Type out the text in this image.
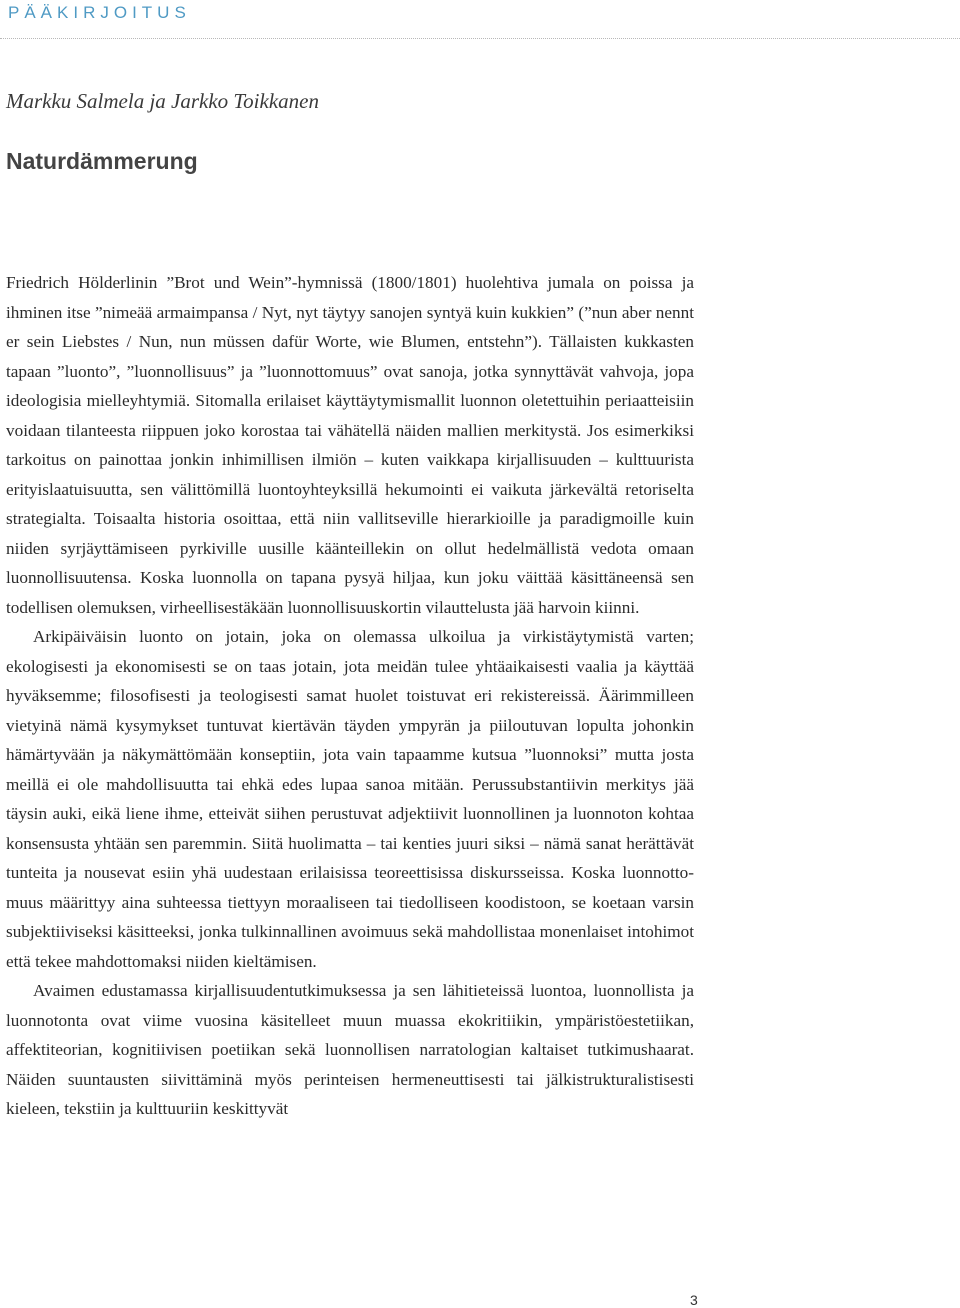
PÄÄKIRJOITUS
Markku Salmela ja Jarkko Toikkanen
Naturdämmerung

Friedrich Hölderlinin ”Brot und Wein”-hymnissä (1800/1801) huolehtiva jumala on poissa ja ihminen itse ”nimeää armaimpansa / Nyt, nyt täytyy sanojen syntyä kuin kukkien” (”nun aber nennt er sein Liebstes / Nun, nun müssen dafür Worte, wie Blumen, entstehn”). Tällaisten kukkasten tapaan ”luonto”, ”luonnollisuus” ja ”luonnottomuus” ovat sanoja, jotka synnyttävät vahvoja, jopa ideologisia mielleyhtymiä. Sitomalla erilaiset käyttäytymismallit luonnon oletettuihin periaatteisiin voidaan tilanteesta riippuen joko korostaa tai vähätellä näiden mallien merkitystä. Jos esimerkiksi tarkoitus on painottaa jonkin inhimillisen ilmiön – kuten vaikkapa kirjallisuuden – kulttuurista erityislaatuisuutta, sen välittömillä luontoyhteyksillä hekumointi ei vaikuta järkevältä retoriselta strategialta. Toisaalta historia osoittaa, että niin vallitseville hierarkioille ja paradigmoille kuin niiden syrjäyttämiseen pyrkiville uusille käänteillekin on ollut hedelmällistä vedota omaan luonnollisuutensa. Koska luonnolla on tapana pysyä hiljaa, kun joku väittää käsittäneensä sen todellisen olemuksen, virheellisestäkään luonnollisuuskortin vilauttelusta jää harvoin kiinni.

Arkipäiväisin luonto on jotain, joka on olemassa ulkoilua ja virkistäytymistä varten; ekologisesti ja ekonomisesti se on taas jotain, jota meidän tulee yhtäaikaisesti vaalia ja käyttää hyväksemme; filosofisesti ja teologisesti samat huolet toistuvat eri rekistereissä. Äärimmilleen vietyinä nämä kysymykset tuntuvat kiertävän täyden ympyrän ja piiloutuvan lopulta johonkin hämärtyvään ja näkymättömään konseptiin, jota vain tapaamme kutsua ”luonnoksi” mutta josta meillä ei ole mahdollisuutta tai ehkä edes lupaa sanoa mitään. Perussubstantiivin merkitys jää täysin auki, eikä liene ihme, etteivät siihen perustuvat adjektiivit luonnollinen ja luonnoton kohtaa konsensusta yhtään sen paremmin. Siitä huolimatta – tai kenties juuri siksi – nämä sanat herättävät tunteita ja nousevat esiin yhä uudestaan erilaisissa teoreettisissa diskursseissa. Koska luonnottomuus määrittyy aina suhteessa tiettyyn moraaliseen tai tiedolliseen koodistoon, se koetaan varsin subjektiiviseksi käsitteeksi, jonka tulkinnallinen avoimuus sekä mahdollistaa monenlaiset intohimot että tekee mahdottomaksi niiden kieltämisen.

Avaimen edustamassa kirjallisuudentutkimuksessa ja sen lähitieteissä luontoa, luonnollista ja luonnotonta ovat viime vuosina käsitelleet muun muassa ekokritiikin, ympäristöestetiikan, affektiteorian, kognitiivisen poetiikan sekä luonnollisen narratologian kaltaiset tutkimushaarat. Näiden suuntausten siivittäminä myös perinteisen hermeneuttisesti tai jälkistrukturalistisesti kieleen, tekstiin ja kulttuuriin keskittyvät

3
